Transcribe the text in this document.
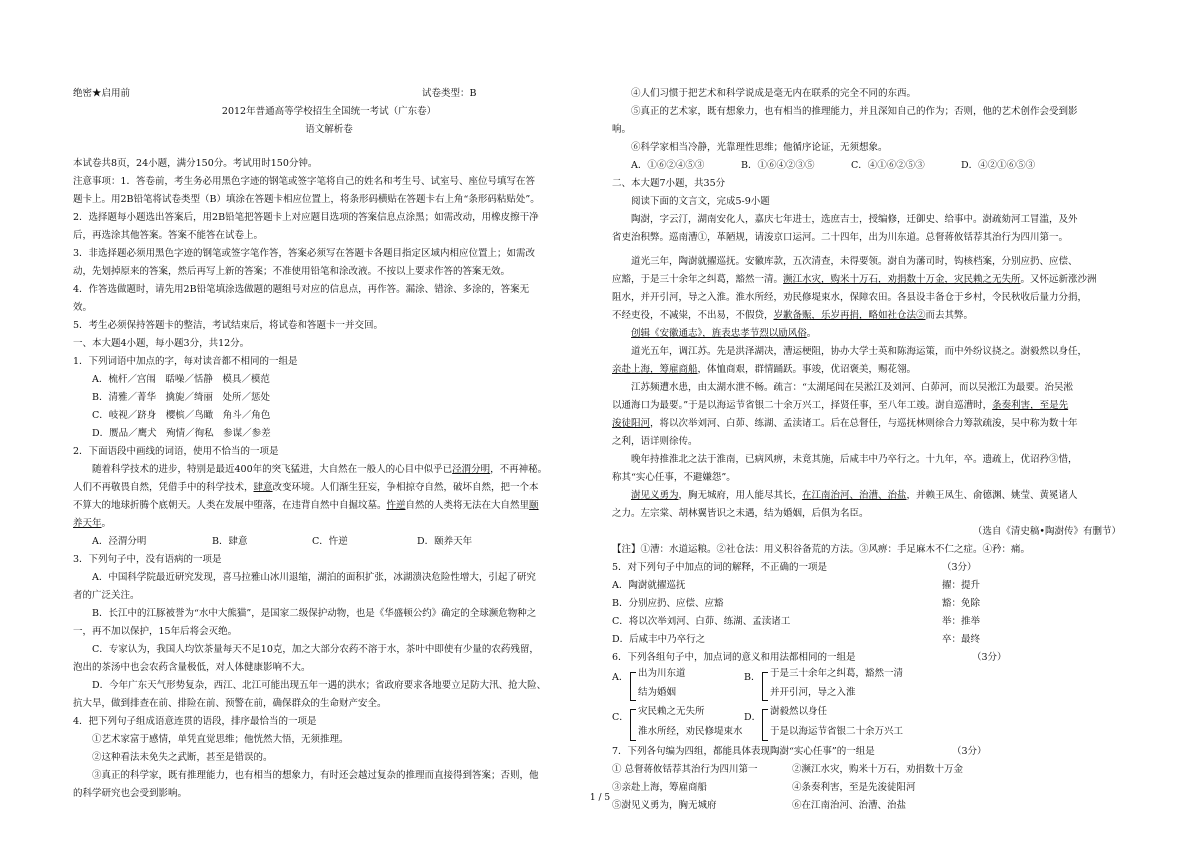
绝密★启用前	试卷类型：B
2012年普通高等学校招生全国统一考试（广东卷）
语文解析卷
本试卷共8页，24小题，满分150分。考试用时150分钟。
注意事项：1．答卷前，考生务必用黑色字迹的钢笔或签字笔将自己的姓名和考生号、试室号、座位号填写在答
题卡上。用2B铅笔将试卷类型（B）填涂在答题卡相应位置上，将条形码横贴在答题卡右上角“条形码粘贴处”。
2．选择题每小题选出答案后，用2B铅笔把答题卡上对应题目选项的答案信息点涂黑；如需改动，用橡皮擦干净
后，再选涂其他答案。答案不能答在试卷上。
3．非选择题必须用黑色字迹的钢笔或签字笔作答，答案必须写在答题卡各题目指定区域内相应位置上；如需改
动，先划掉原来的答案，然后再写上新的答案；不准使用铅笔和涂改液。不按以上要求作答的答案无效。
4．作答选做题时，请先用2B铅笔填涂选做题的题组号对应的信息点，再作答。漏涂、错涂、多涂的，答案无
效。
5．考生必须保持答题卡的整洁，考试结束后，将试卷和答题卡一并交回。
一、本大题4小题，每小题3分，共12分。
1．下列词语中加点的字，每对读音都不相同的一组是
A．梳杆／宫闱　聒噪／恬静　模具／模范
B．清雅／菁华　擒旎／绮丽　处所／惩处
C．岐视／跻身　樱槟／鸟瞰　角斗／角色
D．赝品／鹰犬　殉情／徇私　参谋／参差
2．下面语段中画线的词语，使用不恰当的一项是
随着科学技术的进步，特别是最近400年的突飞猛进，大自然在一般人的心目中似乎已泾渭分明，不再神秘。
人们不再敬畏自然，凭借手中的科学技术，肆意改变环境。人们渐生狂妄，争相掠夺自然，破坏自然，把一个本
不算大的地球折腾个底朝天。人类在发展中堕落，在违背自然中自掘坟墓。忤逆自然的人类将无法在大自然里颐
养天年。
A．泾渭分明	B．肆意	C．忤逆	D．颐养天年
3．下列句子中，没有语病的一项是
A．中国科学院最近研究发现，喜马拉雅山冰川退缩，湖泊的面积扩张，冰湖溃决危险性增大，引起了研究
者的广泛关注。
B．长江中的江豚被誉为“水中大熊猫”，是国家二级保护动物，也是《华盛顿公约》确定的全球濒危物种之
一，再不加以保护，15年后将会灭绝。
C．专家认为，我国人均饮茶量每天不足10克，加之大部分农药不溶于水，茶叶中即使有少量的农药残留，
泡出的茶汤中也会农药含量极低，对人体健康影响不大。
D．今年广东天气形势复杂，西江、北江可能出现五年一遇的洪水；省政府要求各地要立足防大汛、抢大险、
抗大旱，做到排查在前、排险在前、预警在前，确保群众的生命财产安全。
4．把下列句子组成语意连贯的语段，排序最恰当的一项是
①艺术家富于感情，单凭直觉思维；他恍然大悟，无须推理。
②这种看法未免失之武断，甚至是错误的。
③真正的科学家，既有推理能力，也有相当的想象力，有时还会越过复杂的推理而直接得到答案；否则，他
的科学研究也会受到影响。
④人们习惯于把艺术和科学说成是毫无内在联系的完全不同的东西。
⑤真正的艺术家，既有想象力，也有相当的推理能力，并且深知自己的作为；否则，他的艺术创作会受到影
响。
⑥科学家相当冷静，光靠理性思维；他循序论证，无须想象。
A．①⑥②④⑤③	B．①⑥④②③⑤	C．④①⑥②⑤③	D．④②①⑥⑤③
二、本大题7小题，共35分
阅读下面的文言文，完成5-9小题
陶澍，字云汀，湖南安化人，嘉庆七年进士，选庶吉士，授编修，迁御史、给事中。澍疏劾河工冒滥，及外
省吏治积弊。巡南漕①，革陋规，请浚京口运河。二十四年，出为川东道。总督蒋攸铦荐其治行为四川第一。
道光三年，陶澍就擢巡抚。安徽库款，五次清查，未得要领。澍自为藩司时，钩核档案，分别应扔、应偿、
应豁，于是三十余年之纠葛，豁然一清。濒江水灾，购米十万石，劝捐数十万金，灾民赖之无失所。又怀远新涨沙洲
阻水，并开引河，导之入淮。淮水所经，劝民修堤束水，保障农田。各县设丰备仓于乡村，令民秋收后量力分捐，
不经吏役，不减粜，不出易，不假贷，岁歉备赈，乐岁再捐，略如社仓法②而去其弊。
创辑《安徽通志》，旌表忠孝节烈以励风俗。
道光五年，调江苏。先是洪泽湖决，漕运梗阻，协办大学士英和陈海运策，而中外纷议挠之。澍毅然以身任，
亲赴上海，筹雇商船，体恤商艰，群情踊跃。事竣，优诏褒美，赐花翎。
江苏频遭水患，由太湖水泄不畅。疏言：“太湖尾闾在吴淞江及刘河、白茆河，而以吴淞江为最要。治吴淞
以通海口为最要。”于是以海运节省银二十余万兴工，择贤任事，至八年工竣。澍自巡漕时，条奏利害，至是先
浚徒阳河，将以次举刘河、白茆、练湖、孟渎诸工。后在总督任，与巡抚林则徐合力筹款疏浚，吴中称为数十年
之利，语详则徐传。
晚年持推淮北之法于淮南，已病风痹，未竟其施，后咸丰中乃卒行之。十九年，卒。遗疏上，优诏矜③惜，
称其“实心任事，不避嫌怨”。
澍见义勇为，胸无城府，用人能尽其长，在江南治河、治漕、治盐，并赖王凤生、俞德渊、姚莹、黄冕诸人
之力。左宗棠、胡林翼皆识之未遇，结为婚姻，后俱为名臣。
（选自《清史稿•陶澍传》有删节）
【注】①漕：水道运粮。②社仓法：用义积谷备荒的方法。③风痹：手足麻木不仁之症。④矜：痛。
5．对下列句子中加点的词的解释，不正确的一项是	（3分）
A．陶澍就擢巡抚	擢：提升
B．分别应扔、应偿、应豁	豁：免除
C．将以次举刘河、白茆、练湖、孟渎诸工	举：推举
D．后咸丰中乃卒行之	卒：最终
6．下列各组句子中，加点词的意义和用法都相同的一组是	（3分）
A． 出为川东道
结为婚姻
B． 于是三十余年之纠葛，豁然一清
并开引河，导之入淮
C．
灾民赖之无失所
淮水所经，劝民修堤束水
D．
澍毅然以身任
于是以海运节省银二十余万兴工
7．下列各句编为四组，都能具体表现陶澍“实心任事”的一组是	（3分）
① 总督蒋攸铦荐其治行为四川第一	②濒江水灾，购米十万石，劝捐数十万金
③亲赴上海，筹雇商船	④条奏利害，至是先浚徒阳河
⑤澍见义勇为，胸无城府	⑥在江南治河、治漕、治盐
1 / 5
